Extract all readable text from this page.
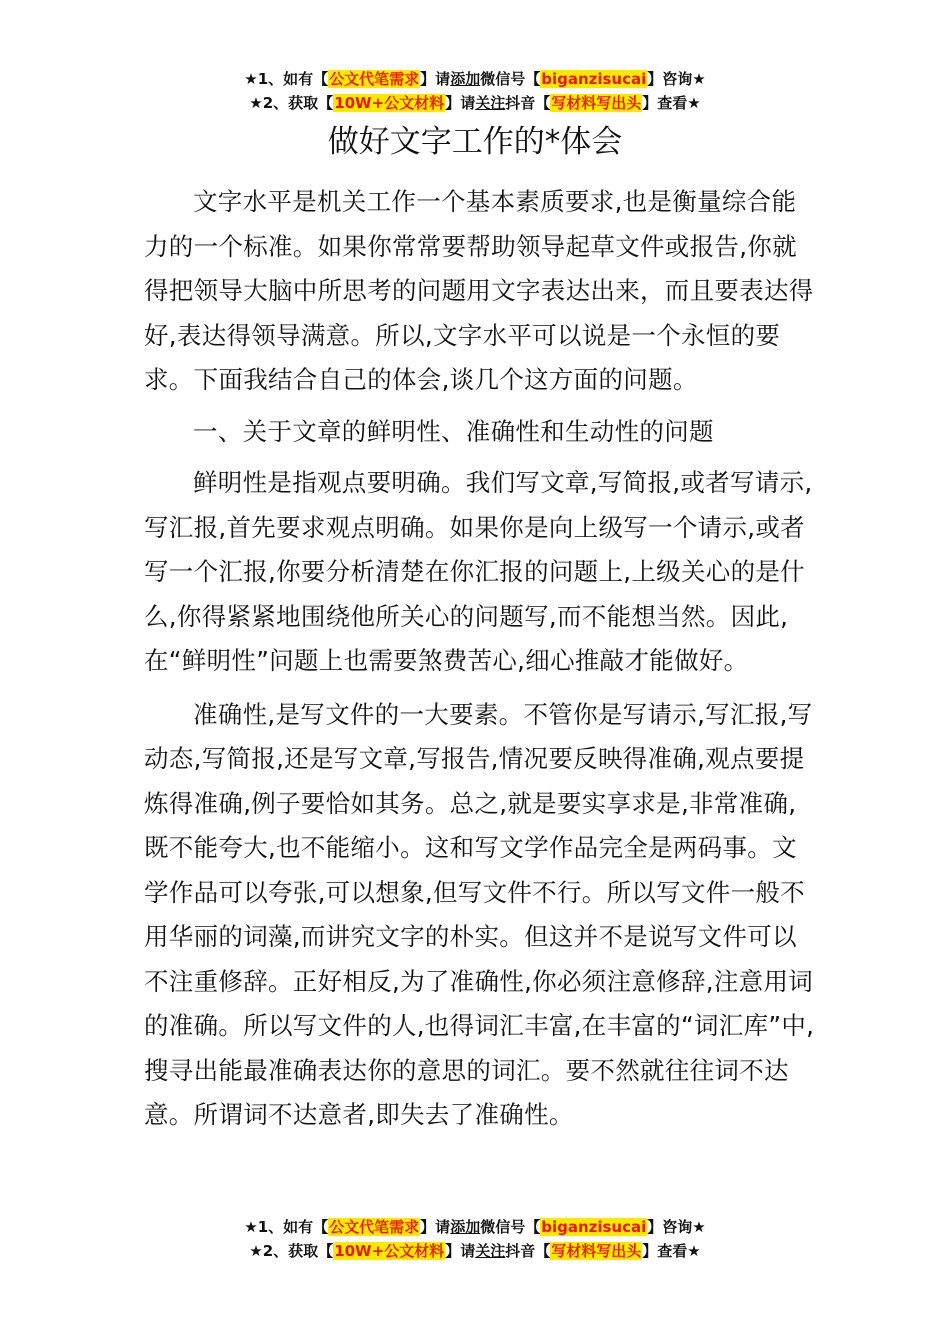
★1、如有【公文代笔需求】请添加微信号【biganzisucai】咨询★
★2、获取【10W+公文材料】请关注抖音【写材料写出头】查看★
做好文字工作的*体会

文字水平是机关工作一个基本素质要求,也是衡量综合能力的一个标准。如果你常常要帮助领导起草文件或报告,你就得把领导大脑中所思考的问题用文字表达出来，而且要表达得好,表达得领导满意。所以,文字水平可以说是一个永恒的要求。下面我结合自己的体会,谈几个这方面的问题。

一、关于文章的鲜明性、准确性和生动性的问题

鲜明性是指观点要明确。我们写文章,写简报,或者写请示,写汇报,首先要求观点明确。如果你是向上级写一个请示,或者写一个汇报,你要分析清楚在你汇报的问题上,上级关心的是什么,你得紧紧地围绕他所关心的问题写,而不能想当然。因此,在“鲜明性”问题上也需要煞费苦心,细心推敲才能做好。

准确性,是写文件的一大要素。不管你是写请示,写汇报,写动态,写简报,还是写文章,写报告,情况要反映得准确,观点要提炼得准确,例子要恰如其务。总之,就是要实享求是,非常准确,既不能夸大,也不能缩小。这和写文学作品完全是两码事。文学作品可以夸张,可以想象,但写文件不行。所以写文件一般不用华丽的词藻,而讲究文字的朴实。但这并不是说写文件可以不注重修辞。正好相反,为了准确性,你必须注意修辞,注意用词的准确。所以写文件的人,也得词汇丰富,在丰富的“词汇库”中,搜寻出能最准确表达你的意思的词汇。要不然就往往词不达意。所谓词不达意者,即失去了准确性。

★1、如有【公文代笔需求】请添加微信号【biganzisucai】咨询★
★2、获取【10W+公文材料】请关注抖音【写材料写出头】查看★
